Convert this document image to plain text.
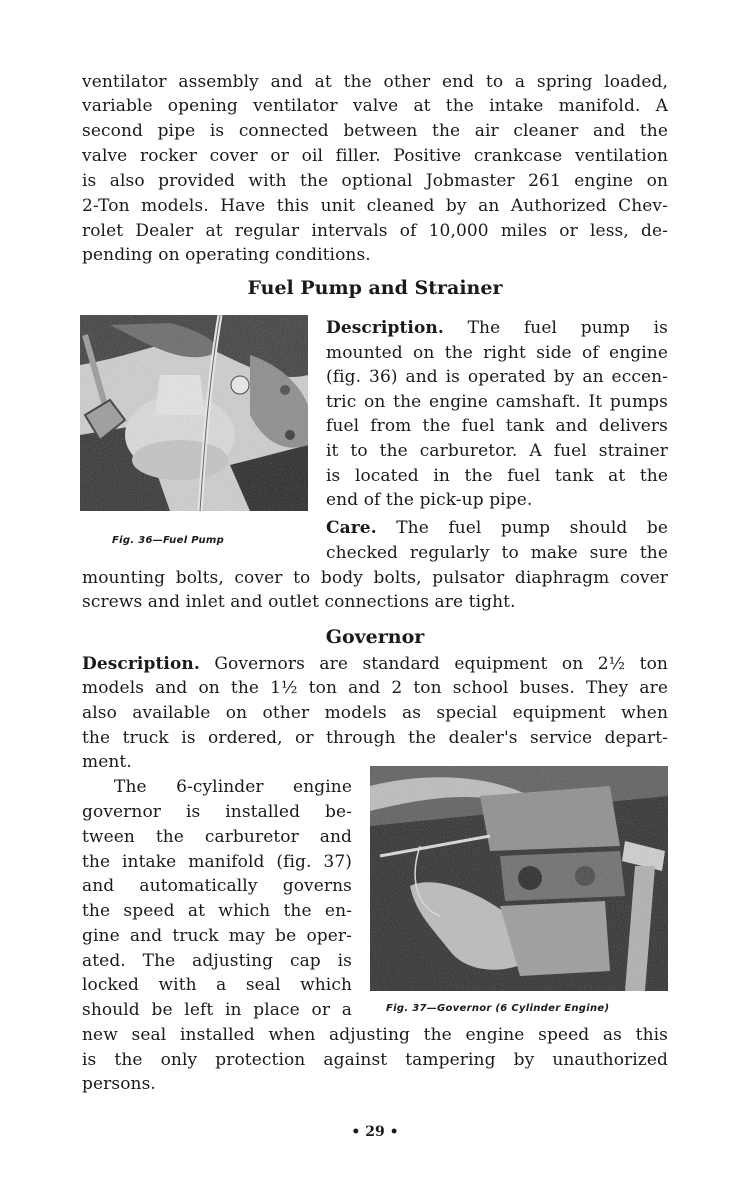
ventilator assembly and at the other end to a spring loaded,
variable opening ventilator valve at the intake manifold. A
second pipe is connected between the air cleaner and the
valve rocker cover or oil filler. Positive crankcase ventilation
is also provided with the optional Jobmaster 261 engine on
2-Ton models. Have this unit cleaned by an Authorized Chev-
rolet Dealer at regular intervals of 10,000 miles or less, de-
pending on operating conditions.
Fuel Pump and Strainer
Fig. 36—Fuel Pump
Description. The fuel pump is
mounted on the right side of engine
(fig. 36) and is operated by an eccen-
tric on the engine camshaft. It pumps
fuel from the fuel tank and delivers
it to the carburetor. A fuel strainer
is located in the fuel tank at the
end of the pick-up pipe.
Care. The fuel pump should be
checked regularly to make sure the
mounting bolts, cover to body bolts, pulsator diaphragm cover
screws and inlet and outlet connections are tight.
Governor
Description. Governors are standard equipment on 2½ ton
models and on the 1½ ton and 2 ton school buses. They are
also available on other models as special equipment when
the truck is ordered, or through the dealer's service depart-
ment.
The 6-cylinder engine
governor is installed be-
tween the carburetor and
the intake manifold (fig. 37)
and automatically governs
the speed at which the en-
gine and truck may be oper-
ated. The adjusting cap is
locked with a seal which
should be left in place or a
new seal installed when adjusting the engine speed as this
is the only protection against tampering by unauthorized
persons.
Fig. 37—Governor (6 Cylinder Engine)
• 29 •
